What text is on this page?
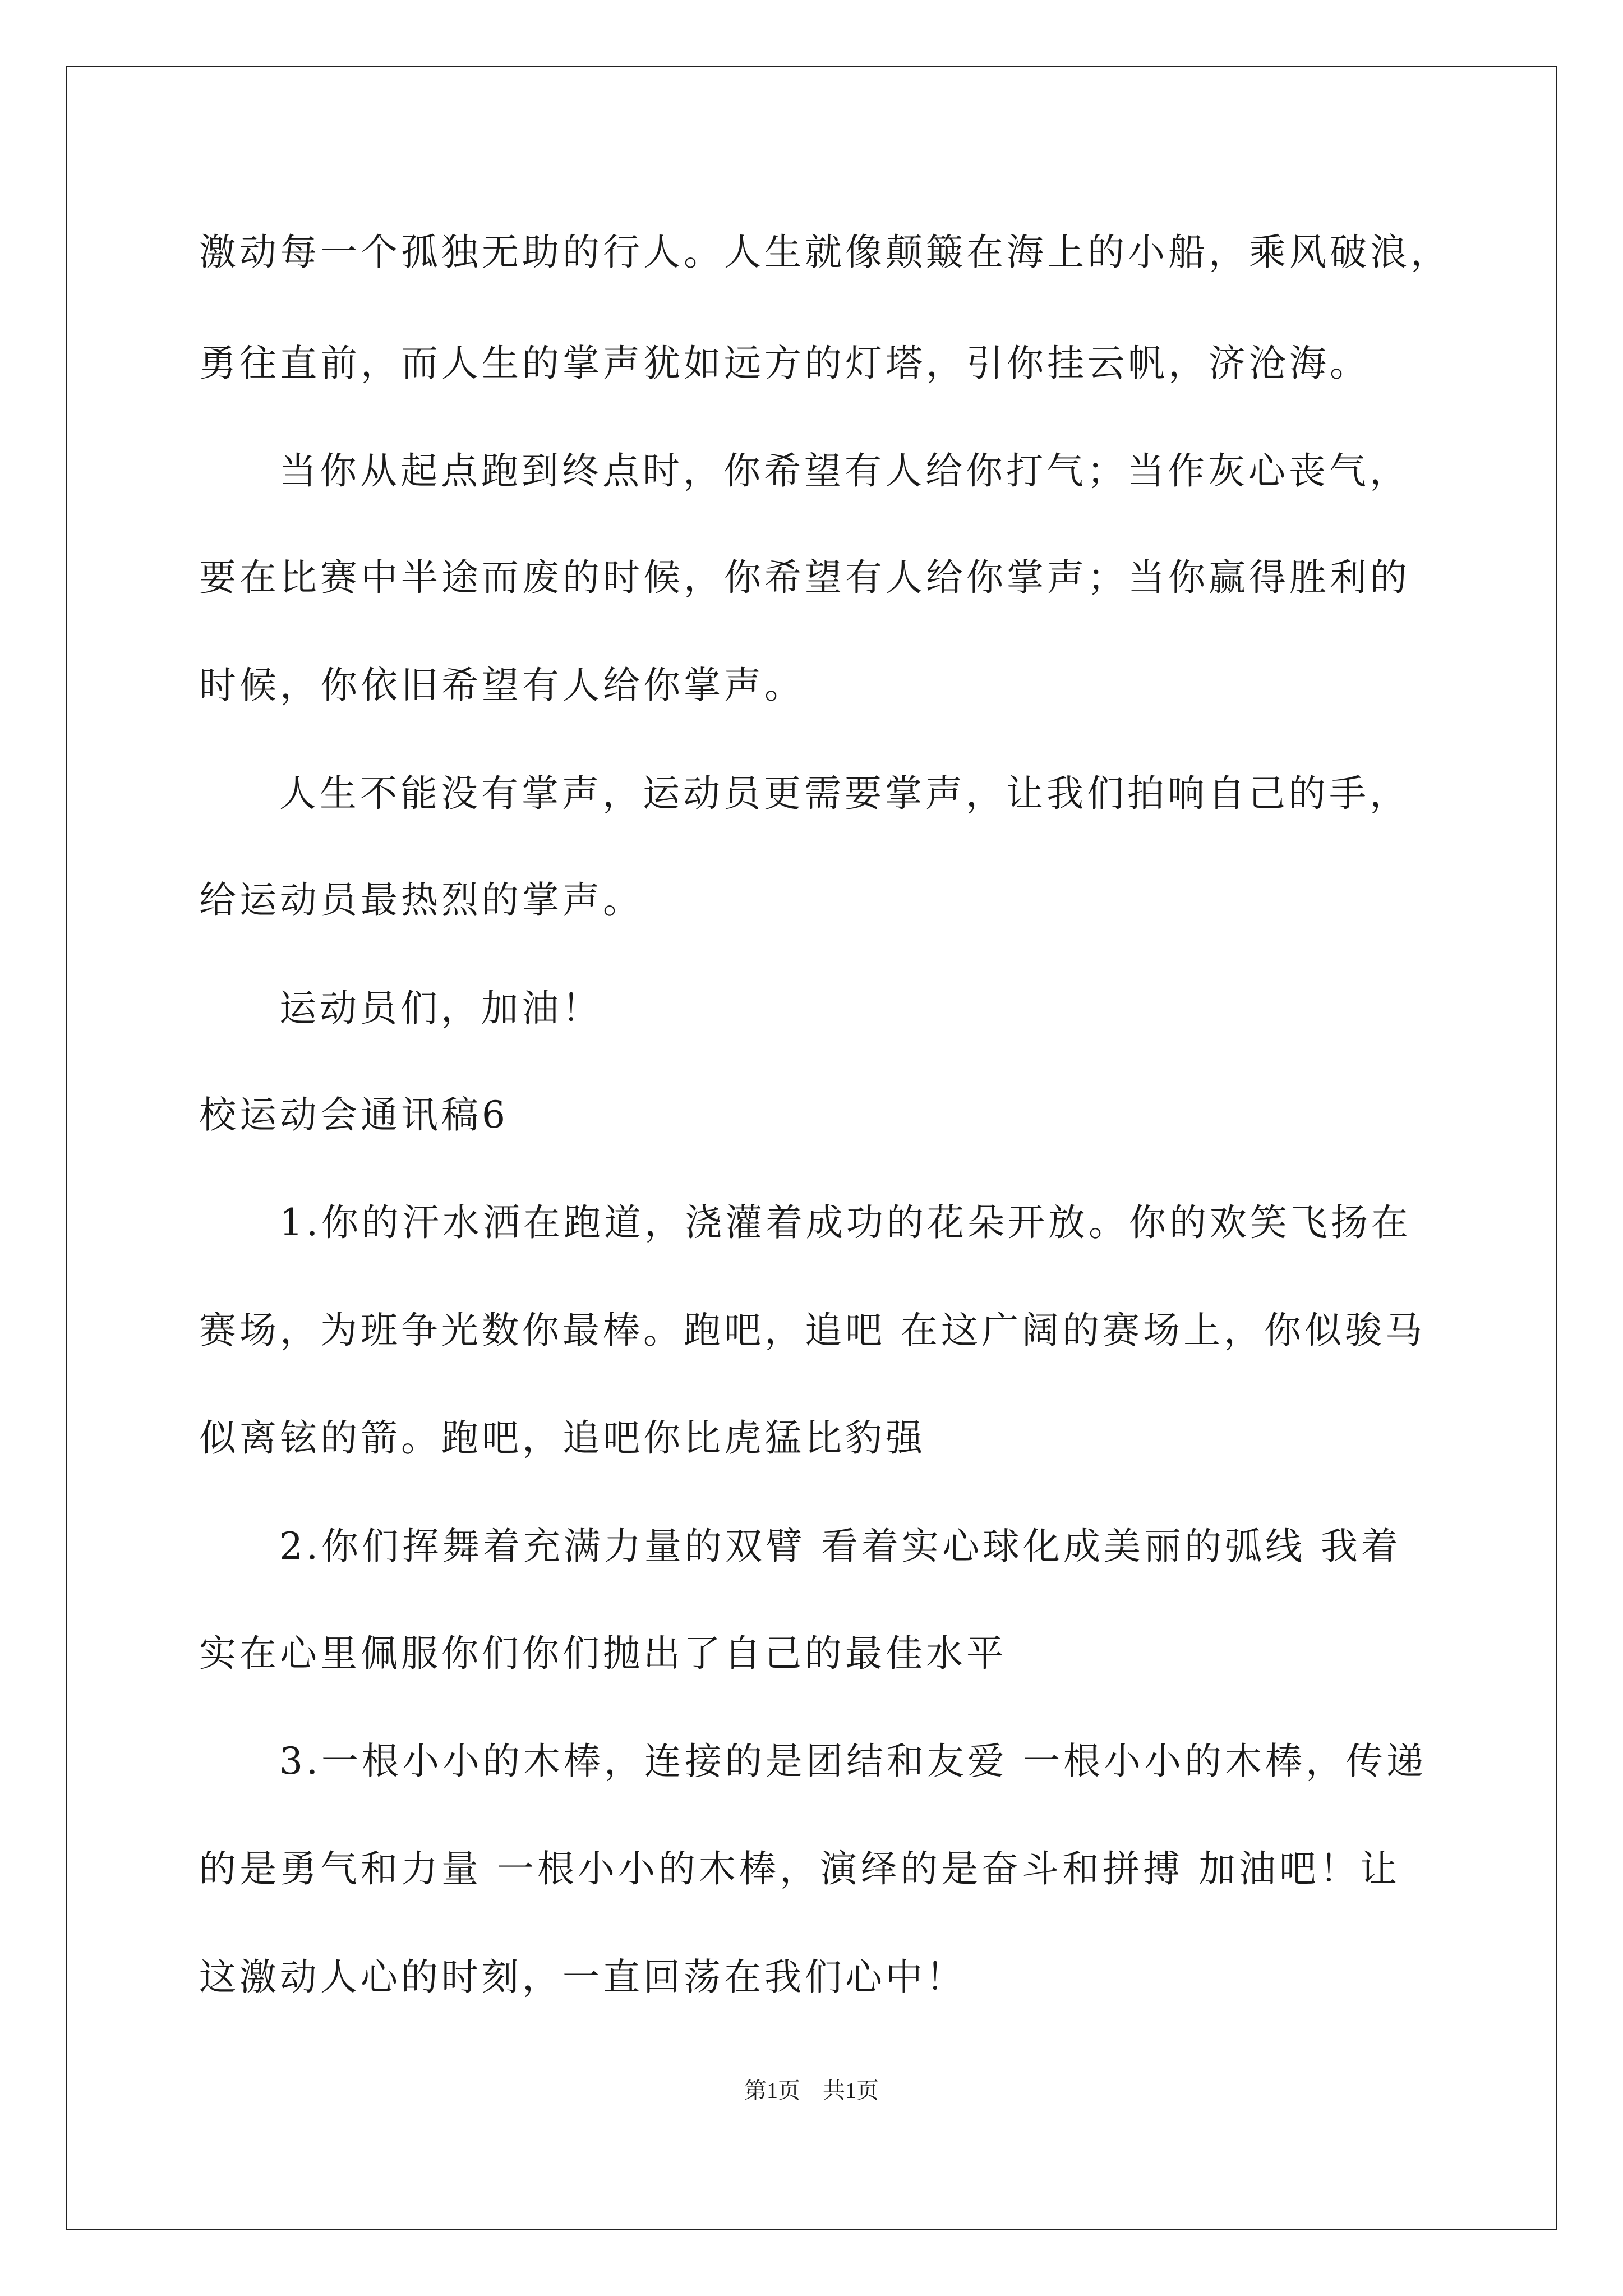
激动每一个孤独无助的行人。人生就像颠簸在海上的小船，乘风破浪，

勇往直前，而人生的掌声犹如远方的灯塔，引你挂云帆，济沧海。

当你从起点跑到终点时，你希望有人给你打气；当作灰心丧气，

要在比赛中半途而废的时候，你希望有人给你掌声；当你赢得胜利的

时候，你依旧希望有人给你掌声。

人生不能没有掌声，运动员更需要掌声，让我们拍响自己的手，

给运动员最热烈的掌声。

运动员们，加油！

校运动会通讯稿6

1.你的汗水洒在跑道，浇灌着成功的花朵开放。你的欢笑飞扬在

赛场，为班争光数你最棒。跑吧，追吧 在这广阔的赛场上，你似骏马

似离铉的箭。跑吧，追吧你比虎猛比豹强

2.你们挥舞着充满力量的双臂 看着实心球化成美丽的弧线 我着

实在心里佩服你们你们抛出了自己的最佳水平

3.一根小小的木棒，连接的是团结和友爱 一根小小的木棒，传递

的是勇气和力量 一根小小的木棒，演绎的是奋斗和拼搏 加油吧！让

这激动人心的时刻，一直回荡在我们心中！

第1页　共1页
